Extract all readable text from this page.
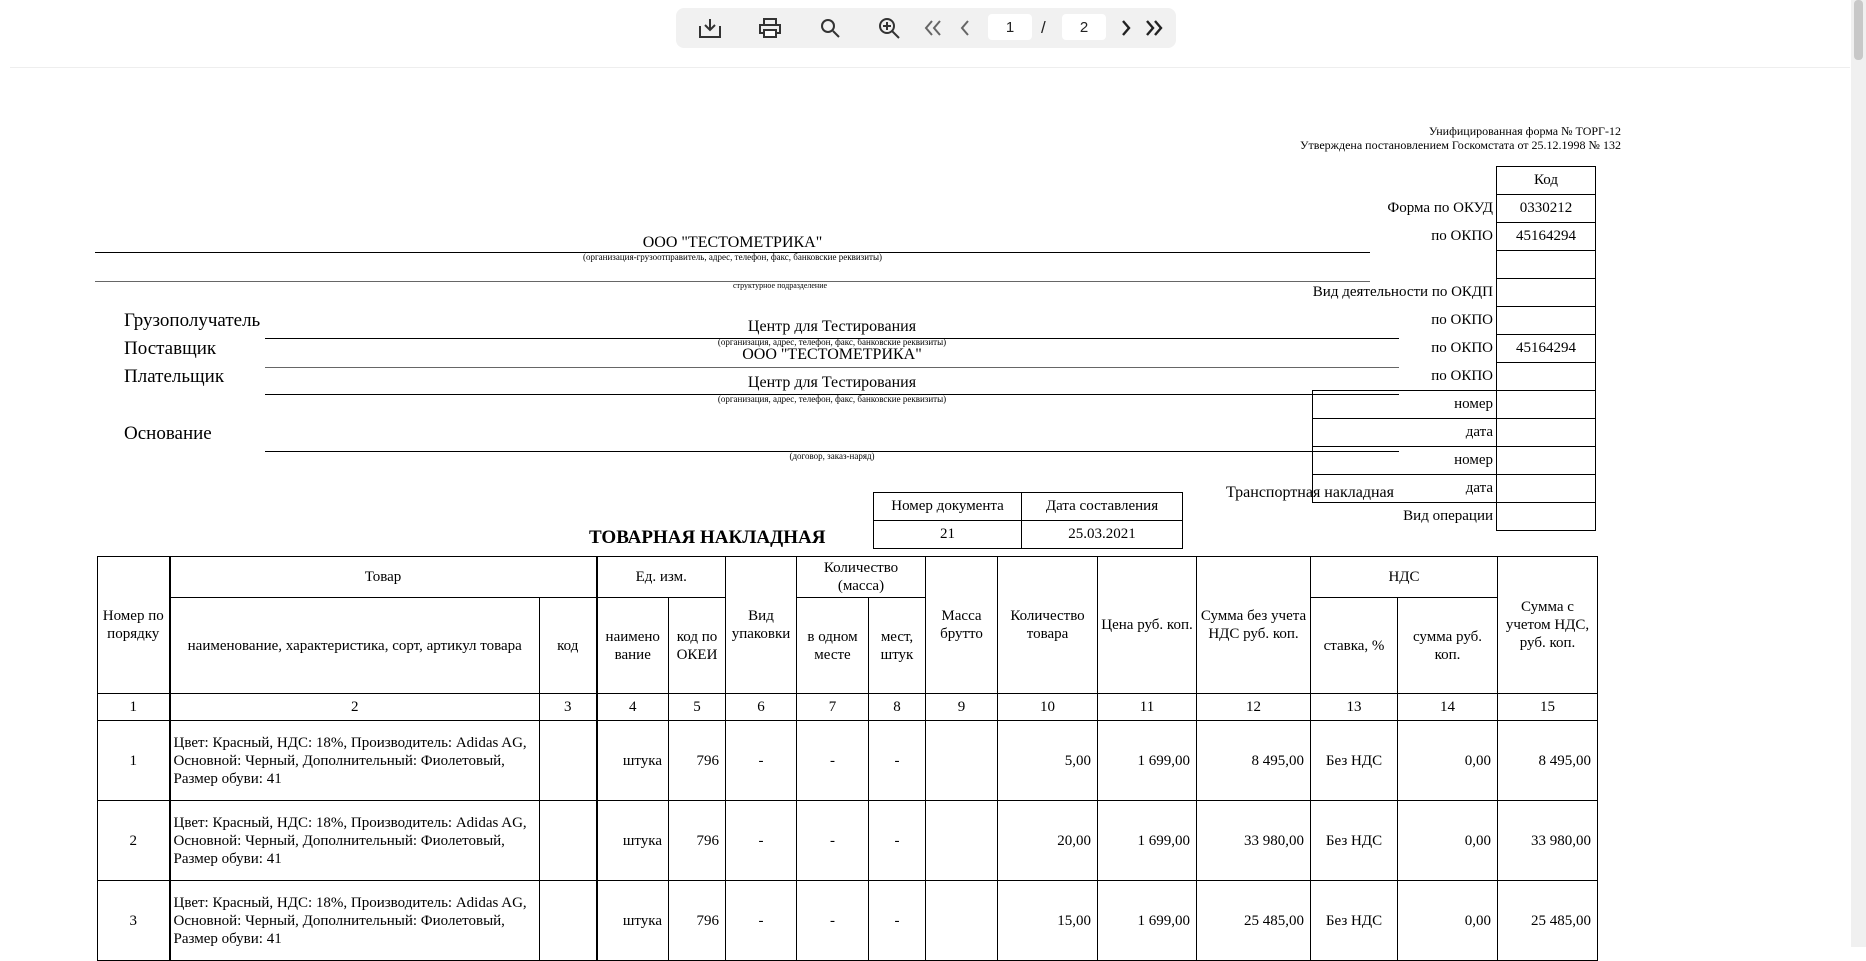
1	/	2
Унифицированная форма № ТОРГ-12
Утверждена постановлением Госкомстата от 25.12.1998 № 132
	Код
Форма по ОКУД	0330212
по ОКПО	45164294

Вид деятельности по ОКДП	
по ОКПО	
по ОКПО	45164294
по ОКПО	
номер	
дата	
номер	
дата	
Вид операции	
Транспортная накладная
ООО "ТЕСТОМЕТРИКА"
(организация-грузоотправитель, адрес, телефон, факс, банковские реквизиты)
структурное подразделение
Грузополучатель	Центр для Тестирования
(организация, адрес, телефон, факс, банковские реквизиты)
Поставщик	ООО "ТЕСТОМЕТРИКА"
Плательщик	Центр для Тестирования
(организация, адрес, телефон, факс, банковские реквизиты)
Основание
(договор, заказ-наряд)
Номер документа	Дата составления
21	25.03.2021
ТОВАРНАЯ НАКЛАДНАЯ
Номер по порядку	Товар		Ед. изм.		Вид упаковки	Количество (масса)		Масса брутто	Количество товара	Цена руб. коп.	Сумма без учета НДС руб. коп.	НДС		Сумма с учетом НДС, руб. коп.
	наименование, характеристика, сорт, артикул товара	код	наимено вание	код по ОКЕИ		в одном месте	мест, штук					ставка, %	сумма руб. коп.	
1	2	3	4	5	6	7	8	9	10	11	12	13	14	15
1	Цвет: Красный, НДС: 18%, Производитель: Adidas AG, Основной: Черный, Дополнительный: Фиолетовый, Размер обуви: 41		штука	796	-	-	-		5,00	1 699,00	8 495,00	Без НДС	0,00	8 495,00
2	Цвет: Красный, НДС: 18%, Производитель: Adidas AG, Основной: Черный, Дополнительный: Фиолетовый, Размер обуви: 41		штука	796	-	-	-		20,00	1 699,00	33 980,00	Без НДС	0,00	33 980,00
3	Цвет: Красный, НДС: 18%, Производитель: Adidas AG, Основной: Черный, Дополнительный: Фиолетовый, Размер обуви: 41		штука	796	-	-	-		15,00	1 699,00	25 485,00	Без НДС	0,00	25 485,00
